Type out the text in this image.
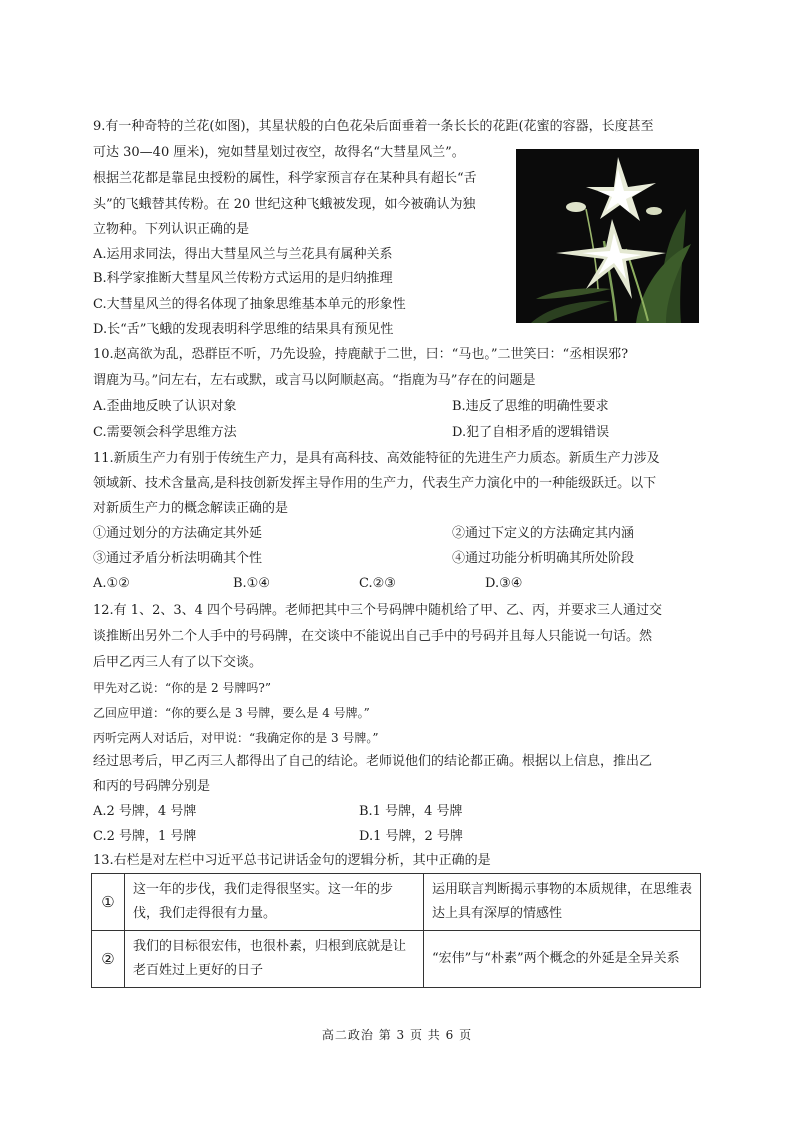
9.有一种奇特的兰花(如图)，其星状般的白色花朵后面垂着一条长长的花距(花蜜的容器，长度甚至
可达 30—40 厘米)，宛如彗星划过夜空，故得名“大彗星风兰”。
根据兰花都是靠昆虫授粉的属性，科学家预言存在某种具有超长“舌
头”的飞蛾替其传粉。在 20 世纪这种飞蛾被发现，如今被确认为独
立物种。下列认识正确的是
A.运用求同法，得出大彗星风兰与兰花具有属种关系
B.科学家推断大彗星风兰传粉方式运用的是归纳推理
C.大彗星风兰的得名体现了抽象思维基本单元的形象性
D.长“舌”飞蛾的发现表明科学思维的结果具有预见性
10.赵高欲为乱，恐群臣不听，乃先设验，持鹿献于二世，曰：“马也。”二世笑曰：“丞相误邪?
谓鹿为马。”问左右，左右或默，或言马以阿顺赵高。“指鹿为马”存在的问题是
A.歪曲地反映了认识对象	B.违反了思维的明确性要求
C.需要领会科学思维方法	D.犯了自相矛盾的逻辑错误
11.新质生产力有别于传统生产力，是具有高科技、高效能特征的先进生产力质态。新质生产力涉及
领域新、技术含量高,是科技创新发挥主导作用的生产力，代表生产力演化中的一种能级跃迁。以下
对新质生产力的概念解读正确的是
①通过划分的方法确定其外延	②通过下定义的方法确定其内涵
③通过矛盾分析法明确其个性	④通过功能分析明确其所处阶段
A.①②	B.①④	C.②③	D.③④
12.有 1、2、3、4 四个号码牌。老师把其中三个号码牌中随机给了甲、乙、丙，并要求三人通过交
谈推断出另外二个人手中的号码牌，在交谈中不能说出自己手中的号码并且每人只能说一句话。然
后甲乙丙三人有了以下交谈。
甲先对乙说：“你的是 2 号牌吗?”
乙回应甲道：“你的要么是 3 号牌，要么是 4 号牌。”
丙听完两人对话后，对甲说：“我确定你的是 3 号牌。”
经过思考后，甲乙丙三人都得出了自己的结论。老师说他们的结论都正确。根据以上信息，推出乙
和丙的号码牌分别是
A.2 号牌，4 号牌	B.1 号牌，4 号牌
C.2 号牌，1 号牌	D.1 号牌，2 号牌
13.右栏是对左栏中习近平总书记讲话金句的逻辑分析，其中正确的是
①	这一年的步伐，我们走得很坚实。这一年的步伐，我们走得很有力量。	运用联言判断揭示事物的本质规律，在思维表达上具有深厚的情感性
②	我们的目标很宏伟，也很朴素，归根到底就是让老百姓过上更好的日子	“宏伟”与“朴素”两个概念的外延是全异关系
高二政治 第 3 页 共 6 页
